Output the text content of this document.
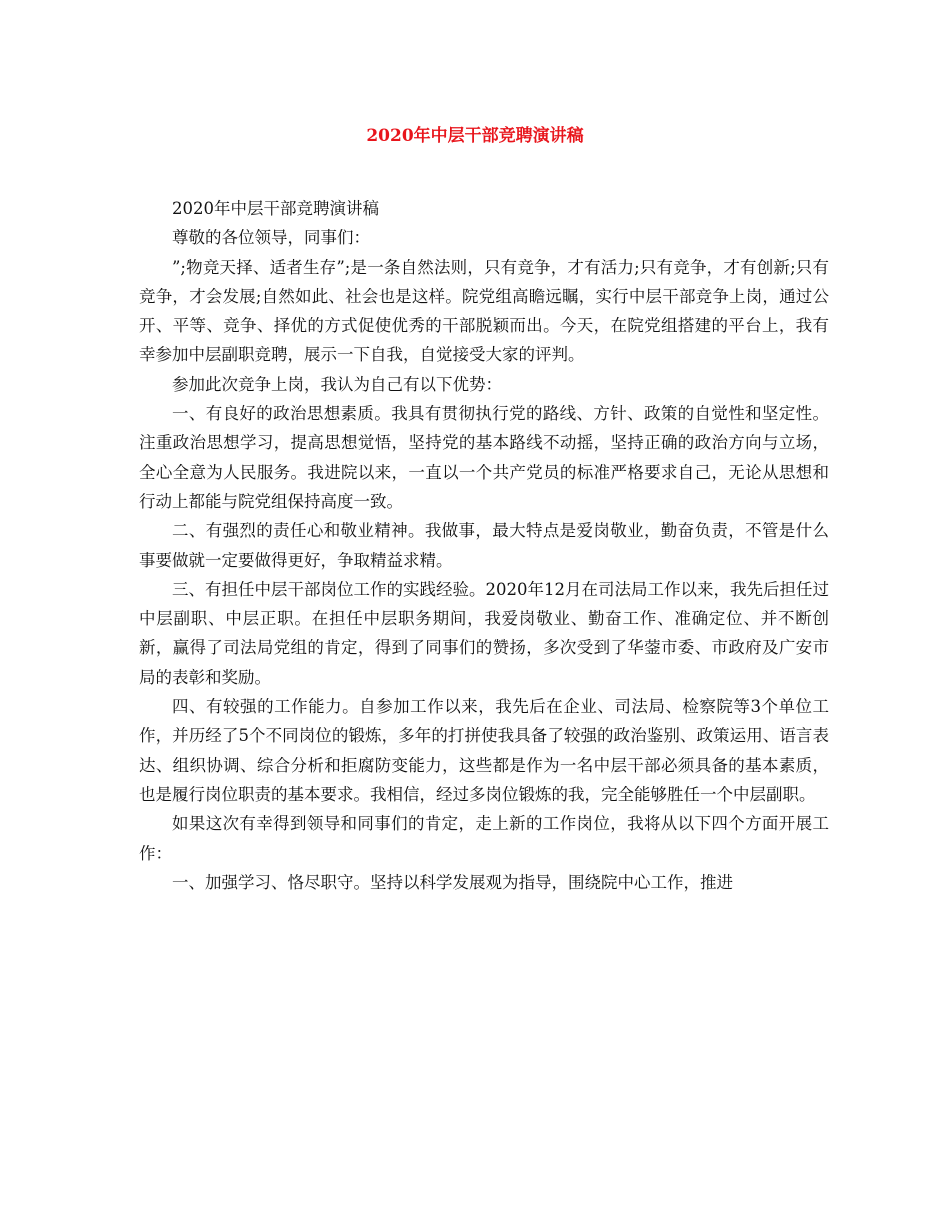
2020年中层干部竞聘演讲稿

2020年中层干部竞聘演讲稿

尊敬的各位领导，同事们：

”;物竞天择、适者生存”;是一条自然法则，只有竞争，才有活力;只有竞争，才有创新;只有竞争，才会发展;自然如此、社会也是这样。院党组高瞻远瞩，实行中层干部竞争上岗，通过公开、平等、竞争、择优的方式促使优秀的干部脱颖而出。今天，在院党组搭建的平台上，我有幸参加中层副职竞聘，展示一下自我，自觉接受大家的评判。

参加此次竞争上岗，我认为自己有以下优势：

一、有良好的政治思想素质。我具有贯彻执行党的路线、方针、政策的自觉性和坚定性。注重政治思想学习，提高思想觉悟，坚持党的基本路线不动摇，坚持正确的政治方向与立场，全心全意为人民服务。我进院以来，一直以一个共产党员的标准严格要求自己，无论从思想和行动上都能与院党组保持高度一致。

二、有强烈的责任心和敬业精神。我做事，最大特点是爱岗敬业，勤奋负责，不管是什么事要做就一定要做得更好，争取精益求精。

三、有担任中层干部岗位工作的实践经验。2020年12月在司法局工作以来，我先后担任过中层副职、中层正职。在担任中层职务期间，我爱岗敬业、勤奋工作、准确定位、并不断创新，赢得了司法局党组的肯定，得到了同事们的赞扬，多次受到了华蓥市委、市政府及广安市局的表彰和奖励。

四、有较强的工作能力。自参加工作以来，我先后在企业、司法局、检察院等3个单位工作，并历经了5个不同岗位的锻炼，多年的打拼使我具备了较强的政治鉴别、政策运用、语言表达、组织协调、综合分析和拒腐防变能力，这些都是作为一名中层干部必须具备的基本素质，也是履行岗位职责的基本要求。我相信，经过多岗位锻炼的我，完全能够胜任一个中层副职。

如果这次有幸得到领导和同事们的肯定，走上新的工作岗位，我将从以下四个方面开展工作：

一、加强学习、恪尽职守。坚持以科学发展观为指导，围绕院中心工作，推进
